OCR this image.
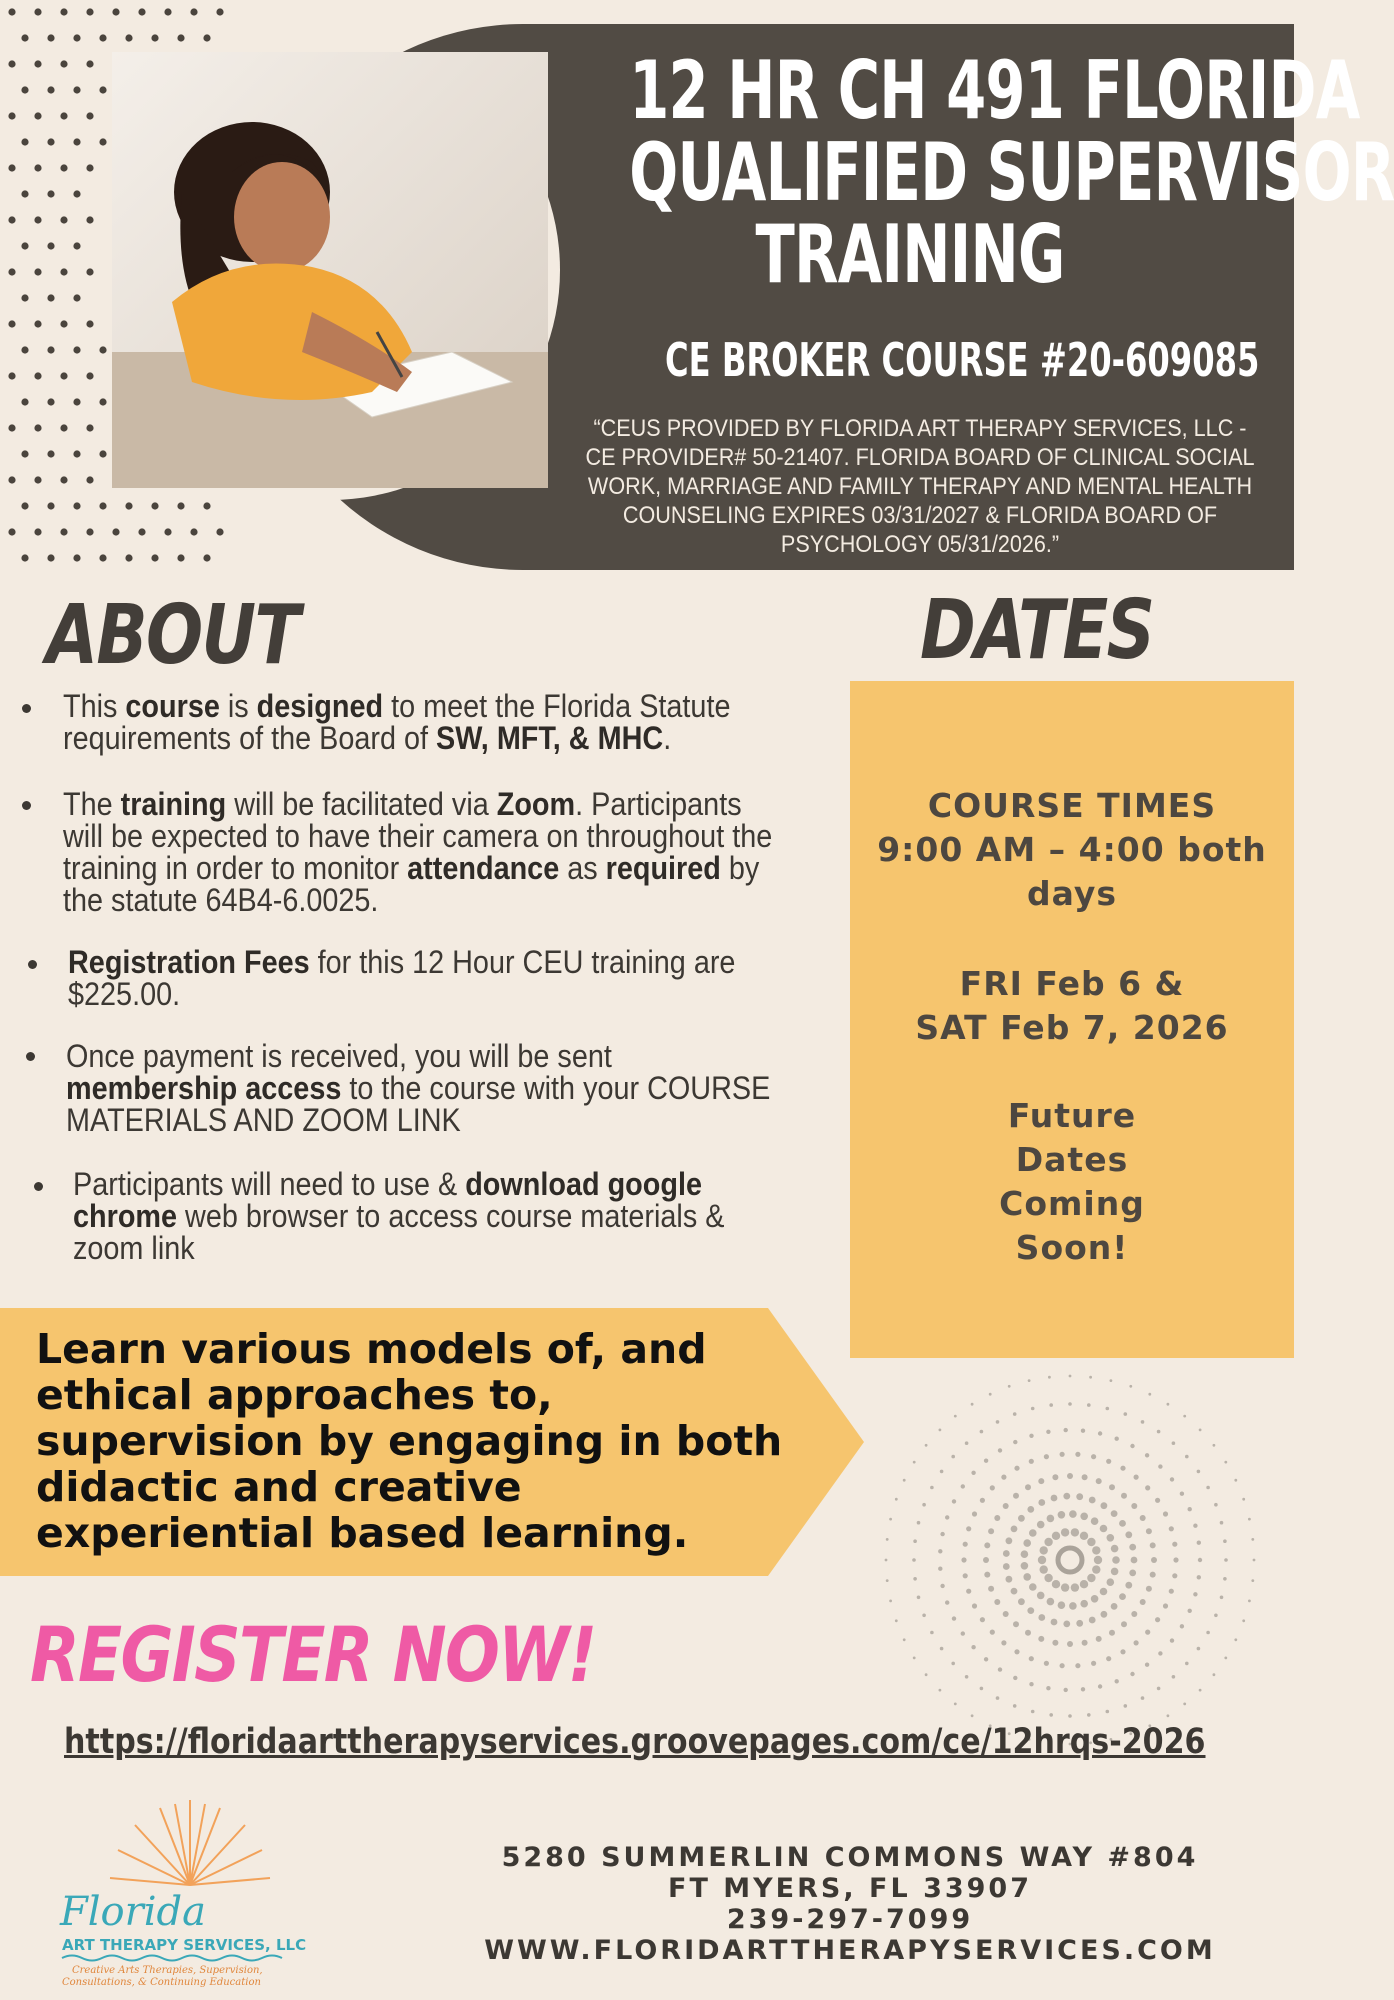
12 HR CH 491 FLORIDA
QUALIFIED SUPERVISOR
TRAINING
CE BROKER COURSE #20-609085
“CEUS PROVIDED BY FLORIDA ART THERAPY SERVICES, LLC - CE PROVIDER# 50-21407. FLORIDA BOARD OF CLINICAL SOCIAL WORK, MARRIAGE AND FAMILY THERAPY AND MENTAL HEALTH COUNSELING EXPIRES 03/31/2027 & FLORIDA BOARD OF PSYCHOLOGY 05/31/2026.”
ABOUT
This course is designed to meet the Florida Statute requirements of the Board of SW, MFT, & MHC.
The training will be facilitated via Zoom. Participants will be expected to have their camera on throughout the training in order to monitor attendance as required by the statute 64B4-6.0025.
Registration Fees for this 12 Hour CEU training are $225.00.
Once payment is received, you will be sent membership access to the course with your COURSE MATERIALS AND ZOOM LINK
Participants will need to use & download google chrome web browser to access course materials & zoom link
DATES
COURSE TIMES
9:00 AM – 4:00 both
days
FRI Feb 6 &
SAT Feb 7, 2026
Future
Dates
Coming
Soon!
Learn various models of, and ethical approaches to, supervision by engaging in both didactic and creative experiential based learning.
REGISTER NOW!
https://floridaarttherapyservices.groovepages.com/ce/12hrqs-2026
Florida
ART THERAPY SERVICES, LLC
Creative Arts Therapies, Supervision,
Consultations, & Continuing Education
5280 SUMMERLIN COMMONS WAY #804
FT MYERS, FL 33907
239-297-7099
WWW.FLORIDARTTHERAPYSERVICES.COM
